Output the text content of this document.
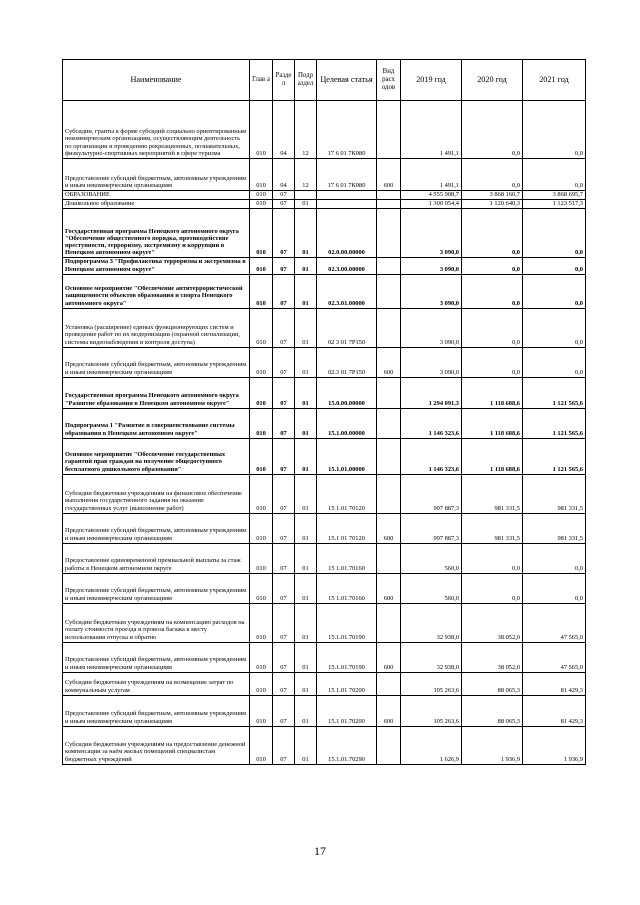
Наименование	Глав а	Разде л	Подр аздел	Целевая статья	Вид расх одов	2019 год	2020 год	2021 год
Субсидии, гранты в форме субсидий социально ориентированным некоммерческим организациям, осуществляющим деятельность по организации и проведению рекреационных, познавательных, физкультурно-спортивных мероприятий в сфере туризма	010	04	12	17 6 01 7К080		1 491,1	0,0	0,0
Предоставление субсидий бюджетным, автономным учреждениям и иным некоммерческим организациям	010	04	12	17 6 01 7К080	600	1 491,1	0,0	0,0
ОБРАЗОВАНИЕ	010	07				4 555 908,7	3 868 160,7	3 868 695,7
Дошкольное образование	010	07	01			1 300 054,4	1 120 640,3	1 123 517,3
Государственная программа Ненецкого автономного округа "Обеспечение общественного порядка, противодействие преступности, терроризму, экстремизму и коррупции в Ненецком автономном округе"	010	07	01	02.0.00.00000		3 090,0	0,0	0,0
Подпрограмма 3 "Профилактика терроризма и экстремизма в Ненецком автономном округе"	010	07	01	02.3.00.00000		3 090,0	0,0	0,0
Основное мероприятие "Обеспечение антитеррористической защищенности объектов образования и спорта Ненецкого автономного округа"	010	07	01	02.3.01.00000		3 090,0	0,0	0,0
Установка (расширение) единых функционирующих систем и проведение работ по их модернизации (охранной сигнализации, системы видеонаблюдения и контроля доступа)	010	07	01	02 3 01 7Р150		3 090,0	0,0	0,0
Предоставление субсидий бюджетным, автономным учреждениям и иным некоммерческим организациям	010	07	01	02.3 01 7Р150	600	3 090,0	0,0	0,0
Государственная программа Ненецкого автономного округа "Развитие образования в Ненецком автономном округе"	010	07	01	15.0.00.00000		1 294 091,3	1 118 688,6	1 121 565,6
Подпрограмма 1 "Развитие и совершенствование системы образования в Ненецком автономном округе"	010	07	01	15.1.00.00000		1 146 323,6	1 118 688,6	1 121 565,6
Основное мероприятие "Обеспечение государственных гарантий прав граждан на получение общедоступного бесплатного дошкольного образования"	010	07	01	15.1.01.00000		1 146 323,6	1 118 688,6	1 121 565,6
Субсидии бюджетным учреждениям на финансовое обеспечение выполнения государственного задания на оказание государственных услуг (выполнение работ)	010	07	01	15 1.01 70120		997 887,3	981 331,5	981 331,5
Предоставление субсидий бюджетным, автономным учреждениям и иным некоммерческим организациям	010	07	01	15.1 01 70120	600	997 887,3	981 331,5	981 331,5
Предоставление единовременной премиальной выплаты за стаж работы в Ненецком автономном округе	010	07	01	15 1.01.70160		560,0	0,0	0,0
Предоставление субсидий бюджетным, автономным учреждениям и иным некоммерческим организациям	010	07	01	15 1.01.70160	600	560,0	0,0	0,0
Субсидии бюджетным учреждениям на компенсацию расходов на оплату стоимости проезда и провоза багажа к месту использования отпуска и обратно	010	07	01	15.1.01.70190		32 938,0	38 052,0	47 565,0
Предоставление субсидий бюджетным, автономным учреждениям и иным некоммерческим организациям	010	07	01	15.1.01.70190	600	32 938,0	38 052,0	47 565,0
Субсидии бюджетным учреждениям на возмещение затрат по коммунальным услугам	010	07	01	15 1.01 70200		105 263,6	88 065,3	81 429,3
Предоставление субсидий бюджетным, автономным учреждениям и иным некоммерческим организациям	010	07	01	15.1 01.70200	600	105 263,6	88 065,3	81 429,3
Субсидии бюджетным учреждениям на предоставление денежной компенсации за наём жилых помещений специалистам бюджетных учреждений	010	07	01	15.1.01.70290		1 626,9	1 936,9	1 936,9
17
